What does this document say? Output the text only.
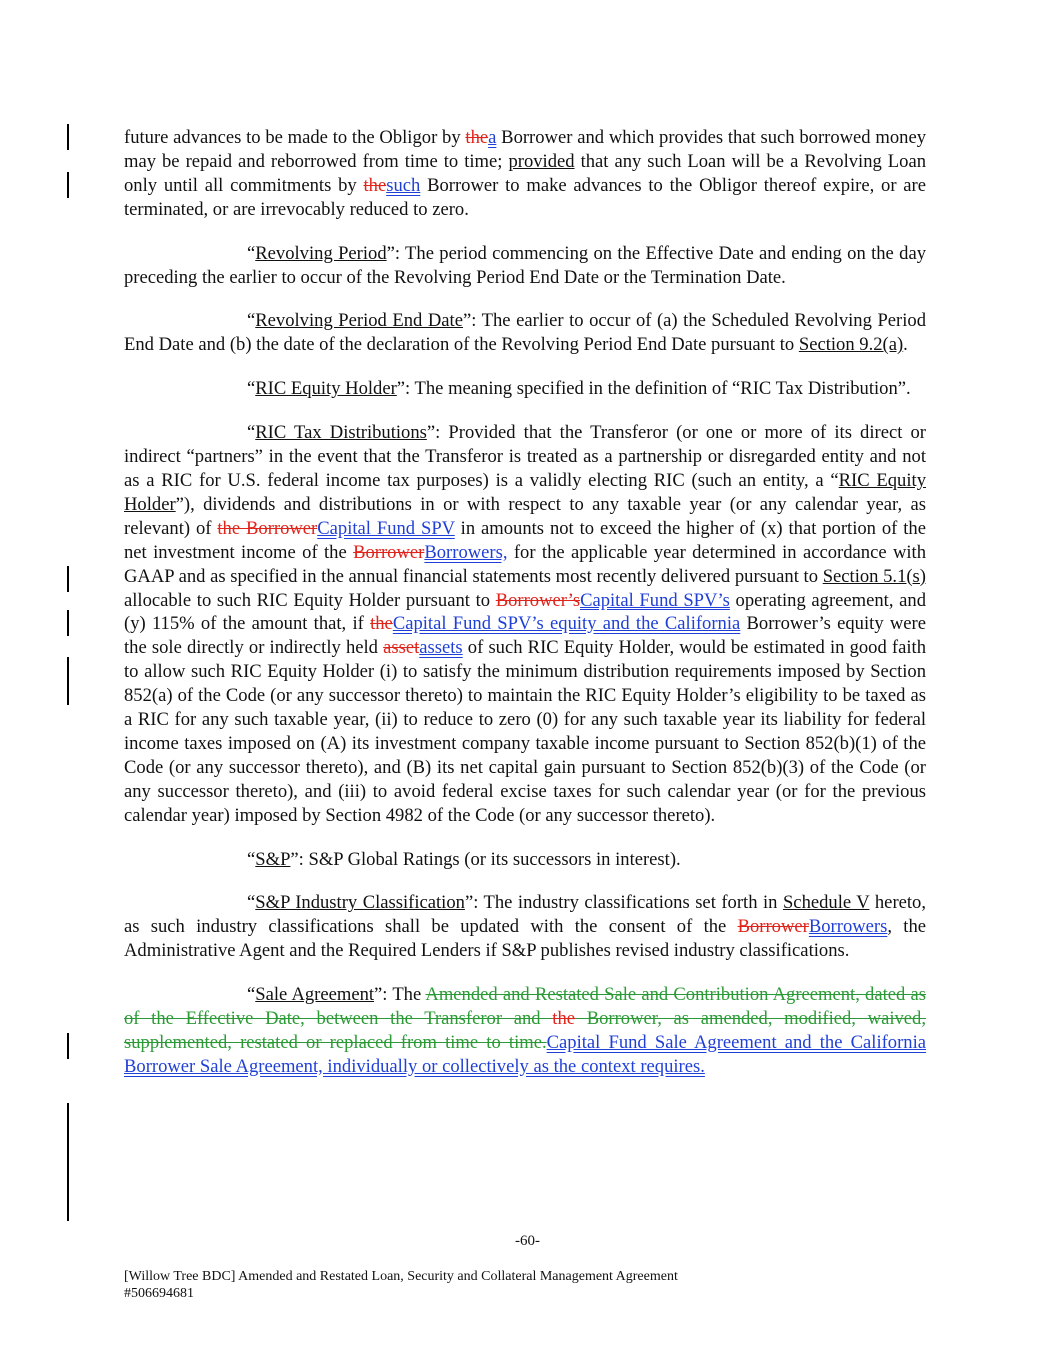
future advances to be made to the Obligor by thea Borrower and which provides that such borrowed money may be repaid and reborrowed from time to time; provided that any such Loan will be a Revolving Loan only until all commitments by thesuch Borrower to make advances to the Obligor thereof expire, or are terminated, or are irrevocably reduced to zero.

“Revolving Period”: The period commencing on the Effective Date and ending on the day preceding the earlier to occur of the Revolving Period End Date or the Termination Date.

“Revolving Period End Date”: The earlier to occur of (a) the Scheduled Revolving Period End Date and (b) the date of the declaration of the Revolving Period End Date pursuant to Section 9.2(a).

“RIC Equity Holder”: The meaning specified in the definition of “RIC Tax Distribution”.

“RIC Tax Distributions”: Provided that the Transferor (or one or more of its direct or indirect “partners” in the event that the Transferor is treated as a partnership or disregarded entity and not as a RIC for U.S. federal income tax purposes) is a validly electing RIC (such an entity, a “RIC Equity Holder”), dividends and distributions in or with respect to any taxable year (or any calendar year, as relevant) of the BorrowerCapital Fund SPV in amounts not to exceed the higher of (x) that portion of the net investment income of the BorrowerBorrowers, for the applicable year determined in accordance with GAAP and as specified in the annual financial statements most recently delivered pursuant to Section 5.1(s) allocable to such RIC Equity Holder pursuant to Borrower’sCapital Fund SPV’s operating agreement, and (y) 115% of the amount that, if theCapital Fund SPV’s equity and the California Borrower’s equity were the sole directly or indirectly held assetassets of such RIC Equity Holder, would be estimated in good faith to allow such RIC Equity Holder (i) to satisfy the minimum distribution requirements imposed by Section 852(a) of the Code (or any successor thereto) to maintain the RIC Equity Holder’s eligibility to be taxed as a RIC for any such taxable year, (ii) to reduce to zero (0) for any such taxable year its liability for federal income taxes imposed on (A) its investment company taxable income pursuant to Section 852(b)(1) of the Code (or any successor thereto), and (B) its net capital gain pursuant to Section 852(b)(3) of the Code (or any successor thereto), and (iii) to avoid federal excise taxes for such calendar year (or for the previous calendar year) imposed by Section 4982 of the Code (or any successor thereto).

“S&P”: S&P Global Ratings (or its successors in interest).

“S&P Industry Classification”: The industry classifications set forth in Schedule V hereto, as such industry classifications shall be updated with the consent of the BorrowerBorrowers, the Administrative Agent and the Required Lenders if S&P publishes revised industry classifications.

“Sale Agreement”: The Amended and Restated Sale and Contribution Agreement, dated as of the Effective Date, between the Transferor and the Borrower, as amended, modified, waived, supplemented, restated or replaced from time to time.Capital Fund Sale Agreement and the California Borrower Sale Agreement, individually or collectively as the context requires.

-60-
[Willow Tree BDC] Amended and Restated Loan, Security and Collateral Management Agreement
#506694681
